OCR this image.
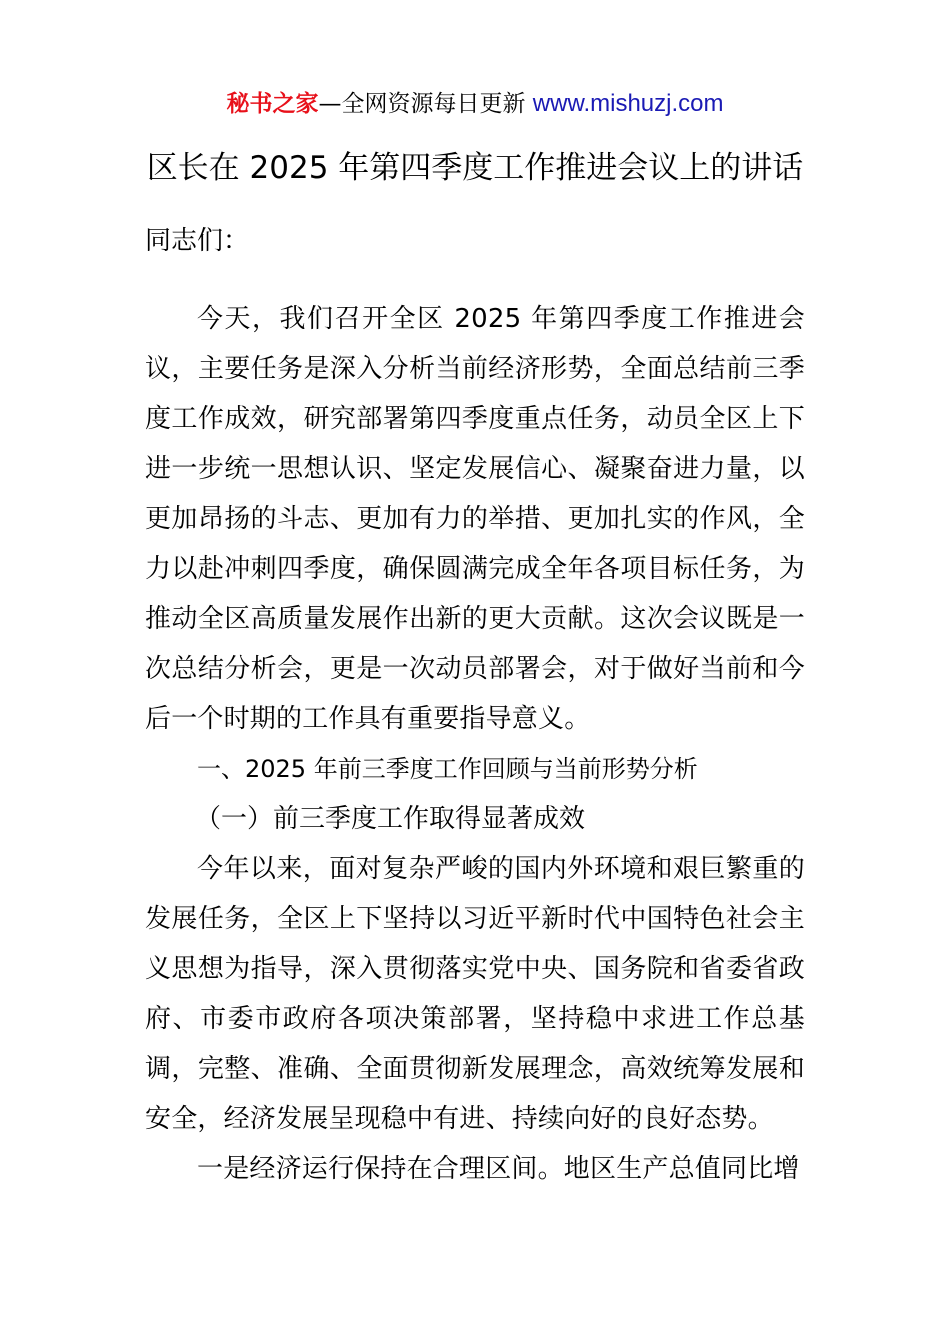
秘书之家—全网资源每日更新 www.mishuzj.com
区长在 2025 年第四季度工作推进会议上的讲话
同志们：

今天，我们召开全区 2025 年第四季度工作推进会议，主要任务是深入分析当前经济形势，全面总结前三季度工作成效，研究部署第四季度重点任务，动员全区上下进一步统一思想认识、坚定发展信心、凝聚奋进力量，以更加昂扬的斗志、更加有力的举措、更加扎实的作风，全力以赴冲刺四季度，确保圆满完成全年各项目标任务，为推动全区高质量发展作出新的更大贡献。这次会议既是一次总结分析会，更是一次动员部署会，对于做好当前和今后一个时期的工作具有重要指导意义。

一、2025 年前三季度工作回顾与当前形势分析

（一）前三季度工作取得显著成效

今年以来，面对复杂严峻的国内外环境和艰巨繁重的发展任务，全区上下坚持以习近平新时代中国特色社会主义思想为指导，深入贯彻落实党中央、国务院和省委省政府、市委市政府各项决策部署，坚持稳中求进工作总基调，完整、准确、全面贯彻新发展理念，高效统筹发展和安全，经济发展呈现稳中有进、持续向好的良好态势。

一是经济运行保持在合理区间。地区生产总值同比增
